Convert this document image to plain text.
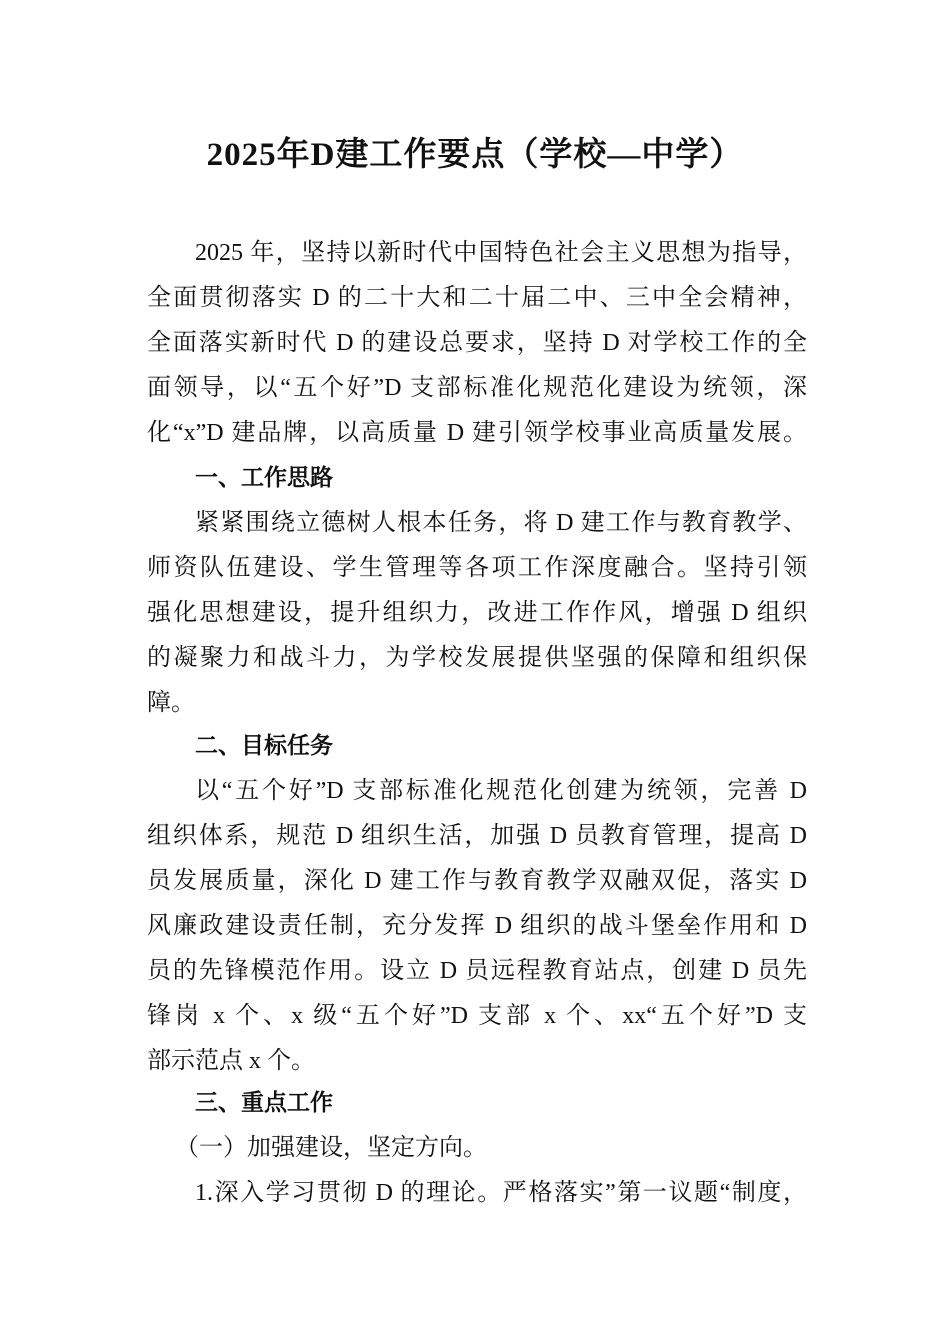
2025年D建工作要点（学校—中学）
2025 年，坚持以新时代中国特色社会主义思想为指导，
全面贯彻落实 D 的二十大和二十届二中、三中全会精神，
全面落实新时代 D 的建设总要求，坚持 D 对学校工作的全
面领导，以“五个好”D 支部标准化规范化建设为统领，深
化“x”D 建品牌，以高质量 D 建引领学校事业高质量发展。
一、工作思路
紧紧围绕立德树人根本任务，将 D 建工作与教育教学、
师资队伍建设、学生管理等各项工作深度融合。坚持引领
强化思想建设，提升组织力，改进工作作风，增强 D 组织
的凝聚力和战斗力，为学校发展提供坚强的保障和组织保
障。
二、目标任务
以“五个好”D 支部标准化规范化创建为统领，完善 D
组织体系，规范 D 组织生活，加强 D 员教育管理，提高 D
员发展质量，深化 D 建工作与教育教学双融双促，落实 D
风廉政建设责任制，充分发挥 D 组织的战斗堡垒作用和 D
员的先锋模范作用。设立 D 员远程教育站点，创建 D 员先
锋岗 x 个、x 级“五个好”D 支部 x 个、xx“五个好”D 支
部示范点 x 个。
三、重点工作
（一）加强建设，坚定方向。
1.深入学习贯彻 D 的理论。严格落实”第一议题“制度，
